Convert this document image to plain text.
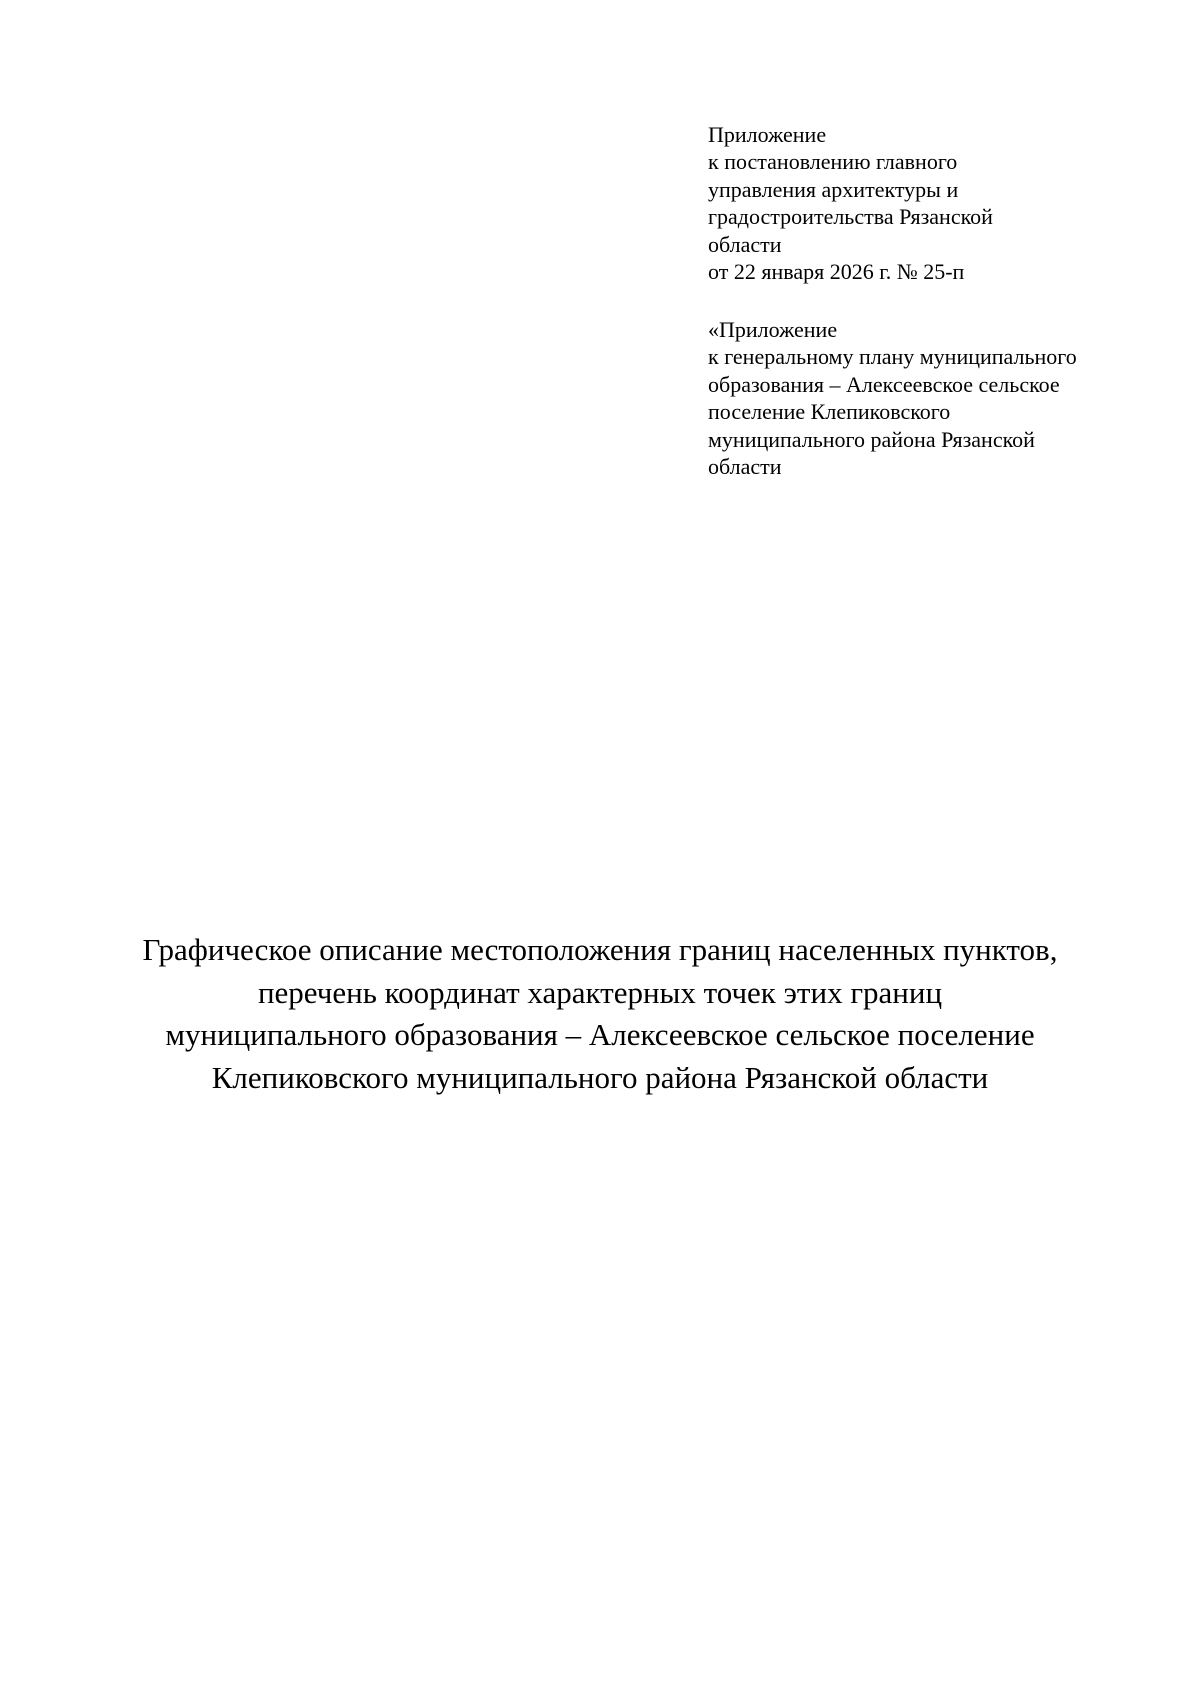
Приложение
к постановлению главного
управления архитектуры и
градостроительства Рязанской
области
от 22 января 2026 г. № 25-п
«Приложение
к генеральному плану муниципального
образования – Алексеевское сельское
поселение Клепиковского
муниципального района Рязанской
области
Графическое описание местоположения границ населенных пунктов,
перечень координат характерных точек этих границ
муниципального образования – Алексеевское сельское поселение
Клепиковского муниципального района Рязанской области
